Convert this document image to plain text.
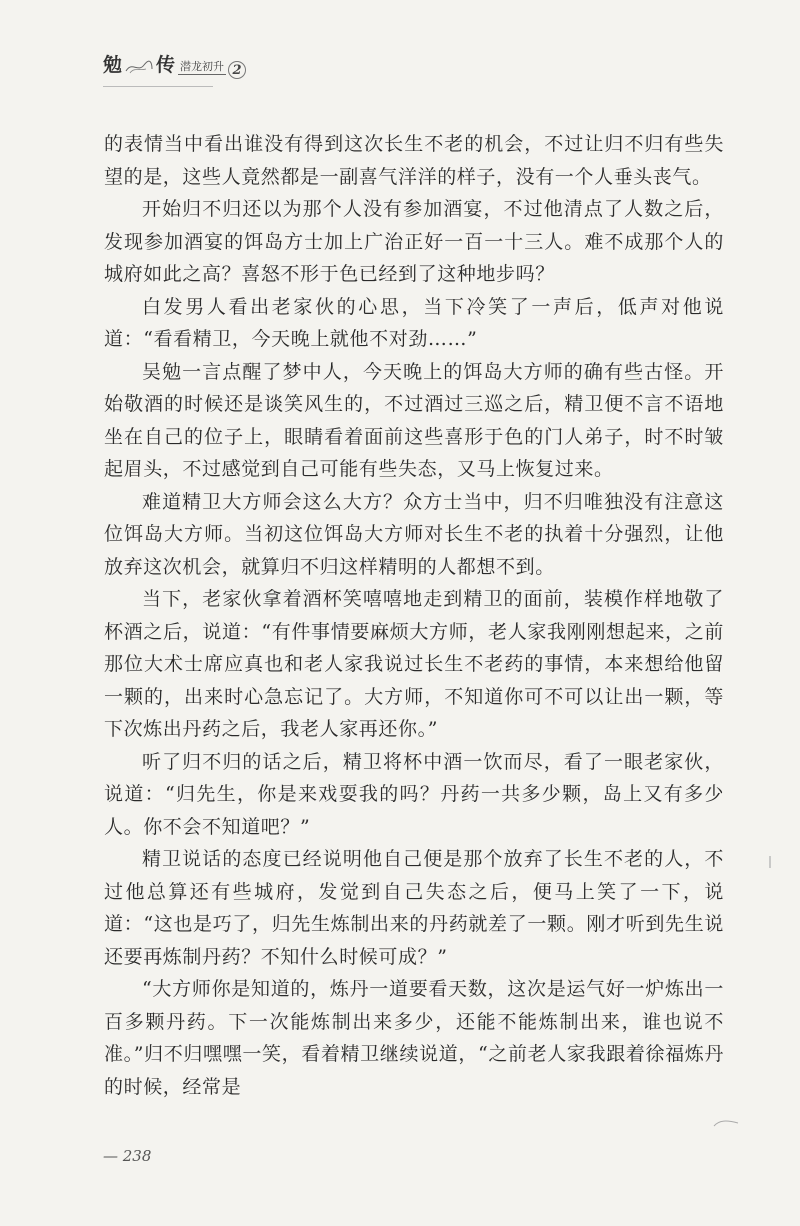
勉 传 潜龙初升 2

的表情当中看出谁没有得到这次长生不老的机会，不过让归不归有些失望的是，这些人竟然都是一副喜气洋洋的样子，没有一个人垂头丧气。

开始归不归还以为那个人没有参加酒宴，不过他清点了人数之后，发现参加酒宴的饵岛方士加上广治正好一百一十三人。难不成那个人的城府如此之高？喜怒不形于色已经到了这种地步吗？

白发男人看出老家伙的心思，当下冷笑了一声后，低声对他说道：“看看精卫，今天晚上就他不对劲……”

吴勉一言点醒了梦中人，今天晚上的饵岛大方师的确有些古怪。开始敬酒的时候还是谈笑风生的，不过酒过三巡之后，精卫便不言不语地坐在自己的位子上，眼睛看着面前这些喜形于色的门人弟子，时不时皱起眉头，不过感觉到自己可能有些失态，又马上恢复过来。

难道精卫大方师会这么大方？众方士当中，归不归唯独没有注意这位饵岛大方师。当初这位饵岛大方师对长生不老的执着十分强烈，让他放弃这次机会，就算归不归这样精明的人都想不到。

当下，老家伙拿着酒杯笑嘻嘻地走到精卫的面前，装模作样地敬了杯酒之后，说道：“有件事情要麻烦大方师，老人家我刚刚想起来，之前那位大术士席应真也和老人家我说过长生不老药的事情，本来想给他留一颗的，出来时心急忘记了。大方师，不知道你可不可以让出一颗，等下次炼出丹药之后，我老人家再还你。”

听了归不归的话之后，精卫将杯中酒一饮而尽，看了一眼老家伙，说道：“归先生，你是来戏耍我的吗？丹药一共多少颗，岛上又有多少人。你不会不知道吧？”

精卫说话的态度已经说明他自己便是那个放弃了长生不老的人，不过他总算还有些城府，发觉到自己失态之后，便马上笑了一下，说道：“这也是巧了，归先生炼制出来的丹药就差了一颗。刚才听到先生说还要再炼制丹药？不知什么时候可成？”

“大方师你是知道的，炼丹一道要看天数，这次是运气好一炉炼出一百多颗丹药。下一次能炼制出来多少，还能不能炼制出来，谁也说不准。”归不归嘿嘿一笑，看着精卫继续说道，“之前老人家我跟着徐福炼丹的时候，经常是

— 238
